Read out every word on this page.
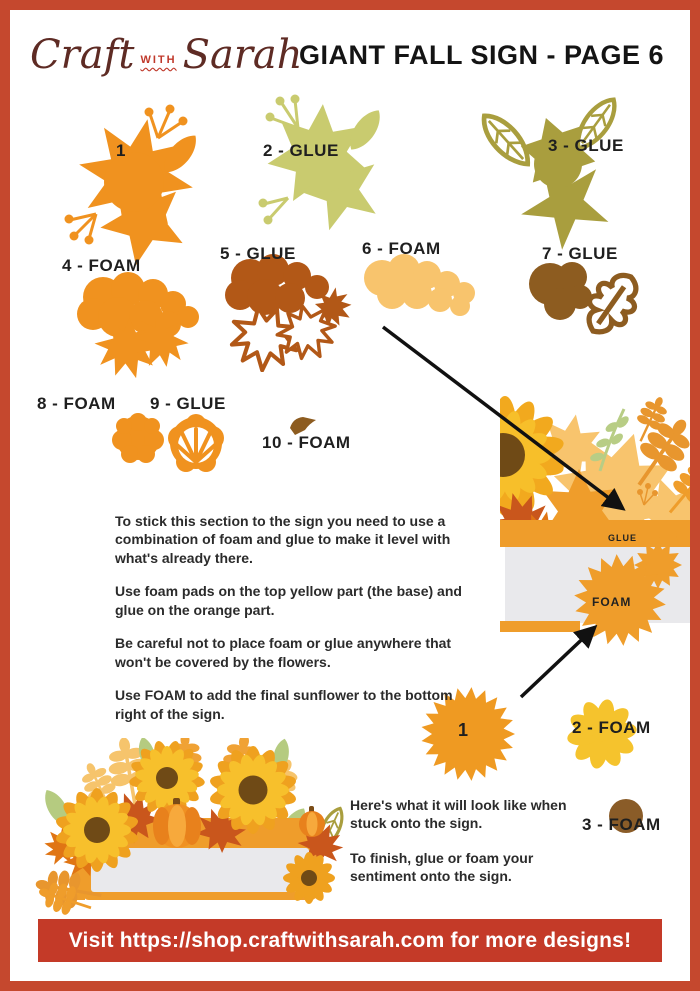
Craft WITH Sarah
GIANT FALL SIGN - PAGE 6
1	2 - GLUE	3 - GLUE
4 - FOAM
5 - GLUE	6 - FOAM	7 - GLUE
8 - FOAM 9 - GLUE
10 - FOAM
GLUE
FOAM

To stick this section to the sign you need to use a combination of foam and glue to make it level with what's already there.

Use foam pads on the top yellow part (the base) and glue on the orange part.

Be careful not to place foam or glue anywhere that won't be covered by the flowers.

Use FOAM to add the final sunflower to the bottom right of the sign.

1	2 - FOAM
3 - FOAM

Here's what it will look like when stuck onto the sign.

To finish, glue or foam your sentiment onto the sign.

Visit https://shop.craftwithsarah.com for more designs!
